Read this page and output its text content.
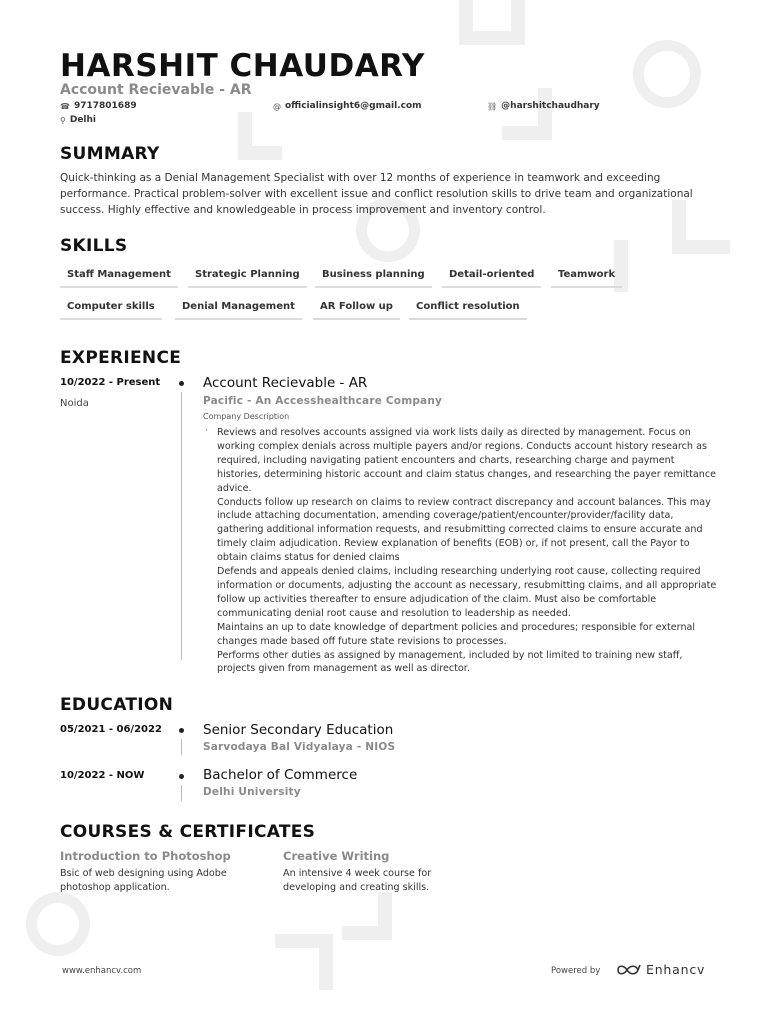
HARSHIT CHAUDARY
Account Recievable - AR
☎ 9717801689	@ officialinsight6@gmail.com	⛓ @harshitchaudhary
⚲ Delhi
SUMMARY
Quick-thinking as a Denial Management Specialist with over 12 months of experience in teamwork and exceeding performance. Practical problem-solver with excellent issue and conflict resolution skills to drive team and organizational success. Highly effective and knowledgeable in process improvement and inventory control.
SKILLS
Staff Management	Strategic Planning	Business planning	Detail-oriented	Teamwork
Computer skills	Denial Management	AR Follow up	Conflict resolution
EXPERIENCE
10/2022 - Present
Noida
Account Recievable - AR
Pacific - An Accesshealthcare Company
Company Description
· Reviews and resolves accounts assigned via work lists daily as directed by management. Focus on working complex denials across multiple payers and/or regions. Conducts account history research as required, including navigating patient encounters and charts, researching charge and payment histories, determining historic account and claim status changes, and researching the payer remittance advice.
Conducts follow up research on claims to review contract discrepancy and account balances. This may include attaching documentation, amending coverage/patient/encounter/provider/facility data, gathering additional information requests, and resubmitting corrected claims to ensure accurate and timely claim adjudication. Review explanation of benefits (EOB) or, if not present, call the Payor to obtain claims status for denied claims
Defends and appeals denied claims, including researching underlying root cause, collecting required information or documents, adjusting the account as necessary, resubmitting claims, and all appropriate follow up activities thereafter to ensure adjudication of the claim. Must also be comfortable communicating denial root cause and resolution to leadership as needed.
Maintains an up to date knowledge of department policies and procedures; responsible for external changes made based off future state revisions to processes.
Performs other duties as assigned by management, included by not limited to training new staff, projects given from management as well as director.
EDUCATION
05/2021 - 06/2022	Senior Secondary Education
Sarvodaya Bal Vidyalaya - NIOS
10/2022 - NOW	Bachelor of Commerce
Delhi University
COURSES & CERTIFICATES
Introduction to Photoshop
Bsic of web designing using Adobe photoshop application.
Creative Writing
An intensive 4 week course for developing and creating skills.
www.enhancv.com	Powered by	Enhancv
